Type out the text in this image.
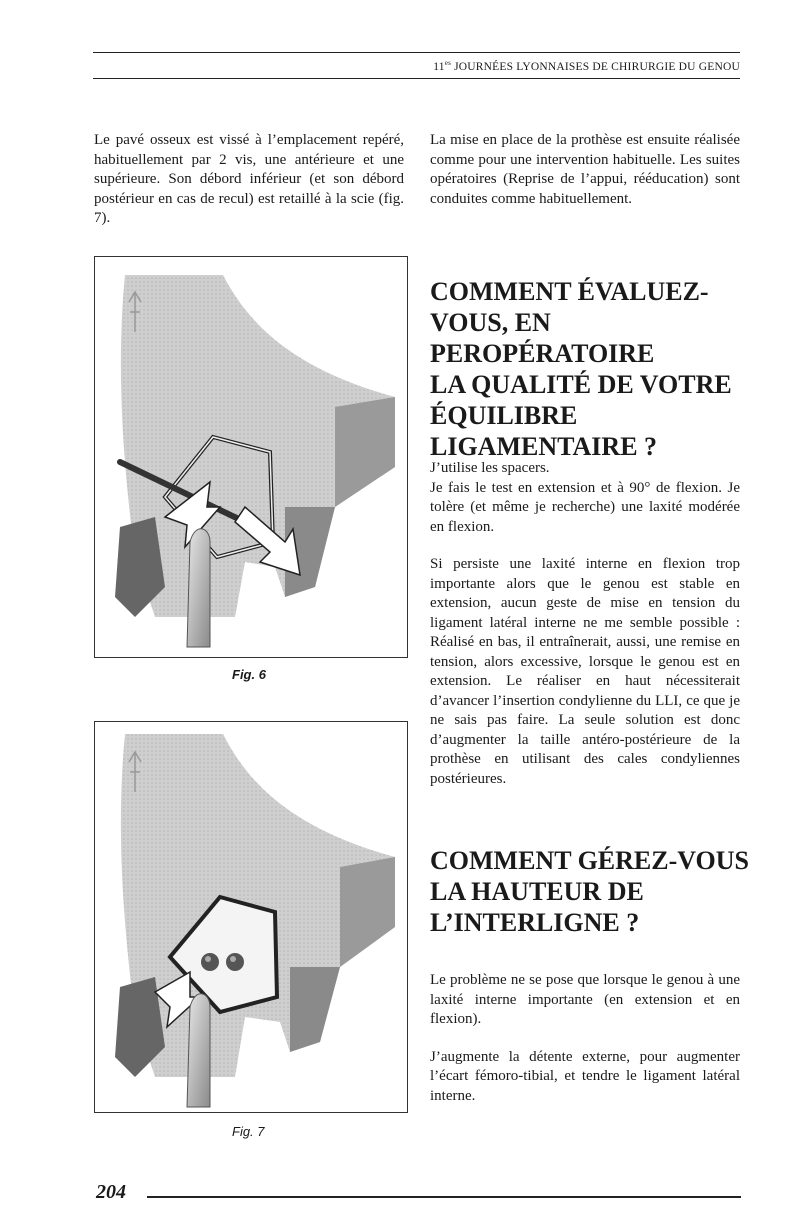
$11^{es}$ JOURNÉES LYONNAISES DE CHIRURGIE DU GENOU

Le pavé osseux est vissé à l’emplacement repéré, habituellement par 2 vis, une antérieure et une supérieure. Son débord inférieur (et son débord postérieur en cas de recul) est retaillé à la scie (fig. 7).

La mise en place de la prothèse est ensuite réalisée comme pour une intervention habituelle. Les suites opératoires (Reprise de l’appui, rééducation) sont conduites comme habituellement.

Fig. 6
Fig. 7
COMMENT ÉVALUEZ-
VOUS, EN PEROPÉRATOIRE
LA QUALITÉ DE VOTRE
ÉQUILIBRE
LIGAMENTAIRE ?
J’utilise les spacers.

Je fais le test en extension et à 90° de flexion. Je tolère (et même je recherche) une laxité modérée en flexion.

Si persiste une laxité interne en flexion trop importante alors que le genou est stable en extension, aucun geste de mise en tension du ligament latéral interne ne me semble possible : Réalisé en bas, il entraînerait, aussi, une remise en tension, alors excessive, lorsque le genou est en extension. Le réaliser en haut nécessiterait d’avancer l’insertion condylienne du LLI, ce que je ne sais pas faire. La seule solution est donc d’augmenter la taille antéro-postérieure de la prothèse en utilisant des cales condyliennes postérieures.

COMMENT GÉREZ-VOUS
LA HAUTEUR DE
L’INTERLIGNE ?

Le problème ne se pose que lorsque le genou à une laxité interne importante (en extension et en flexion).

J’augmente la détente externe, pour augmenter l’écart fémoro-tibial, et tendre le ligament latéral interne.

204
